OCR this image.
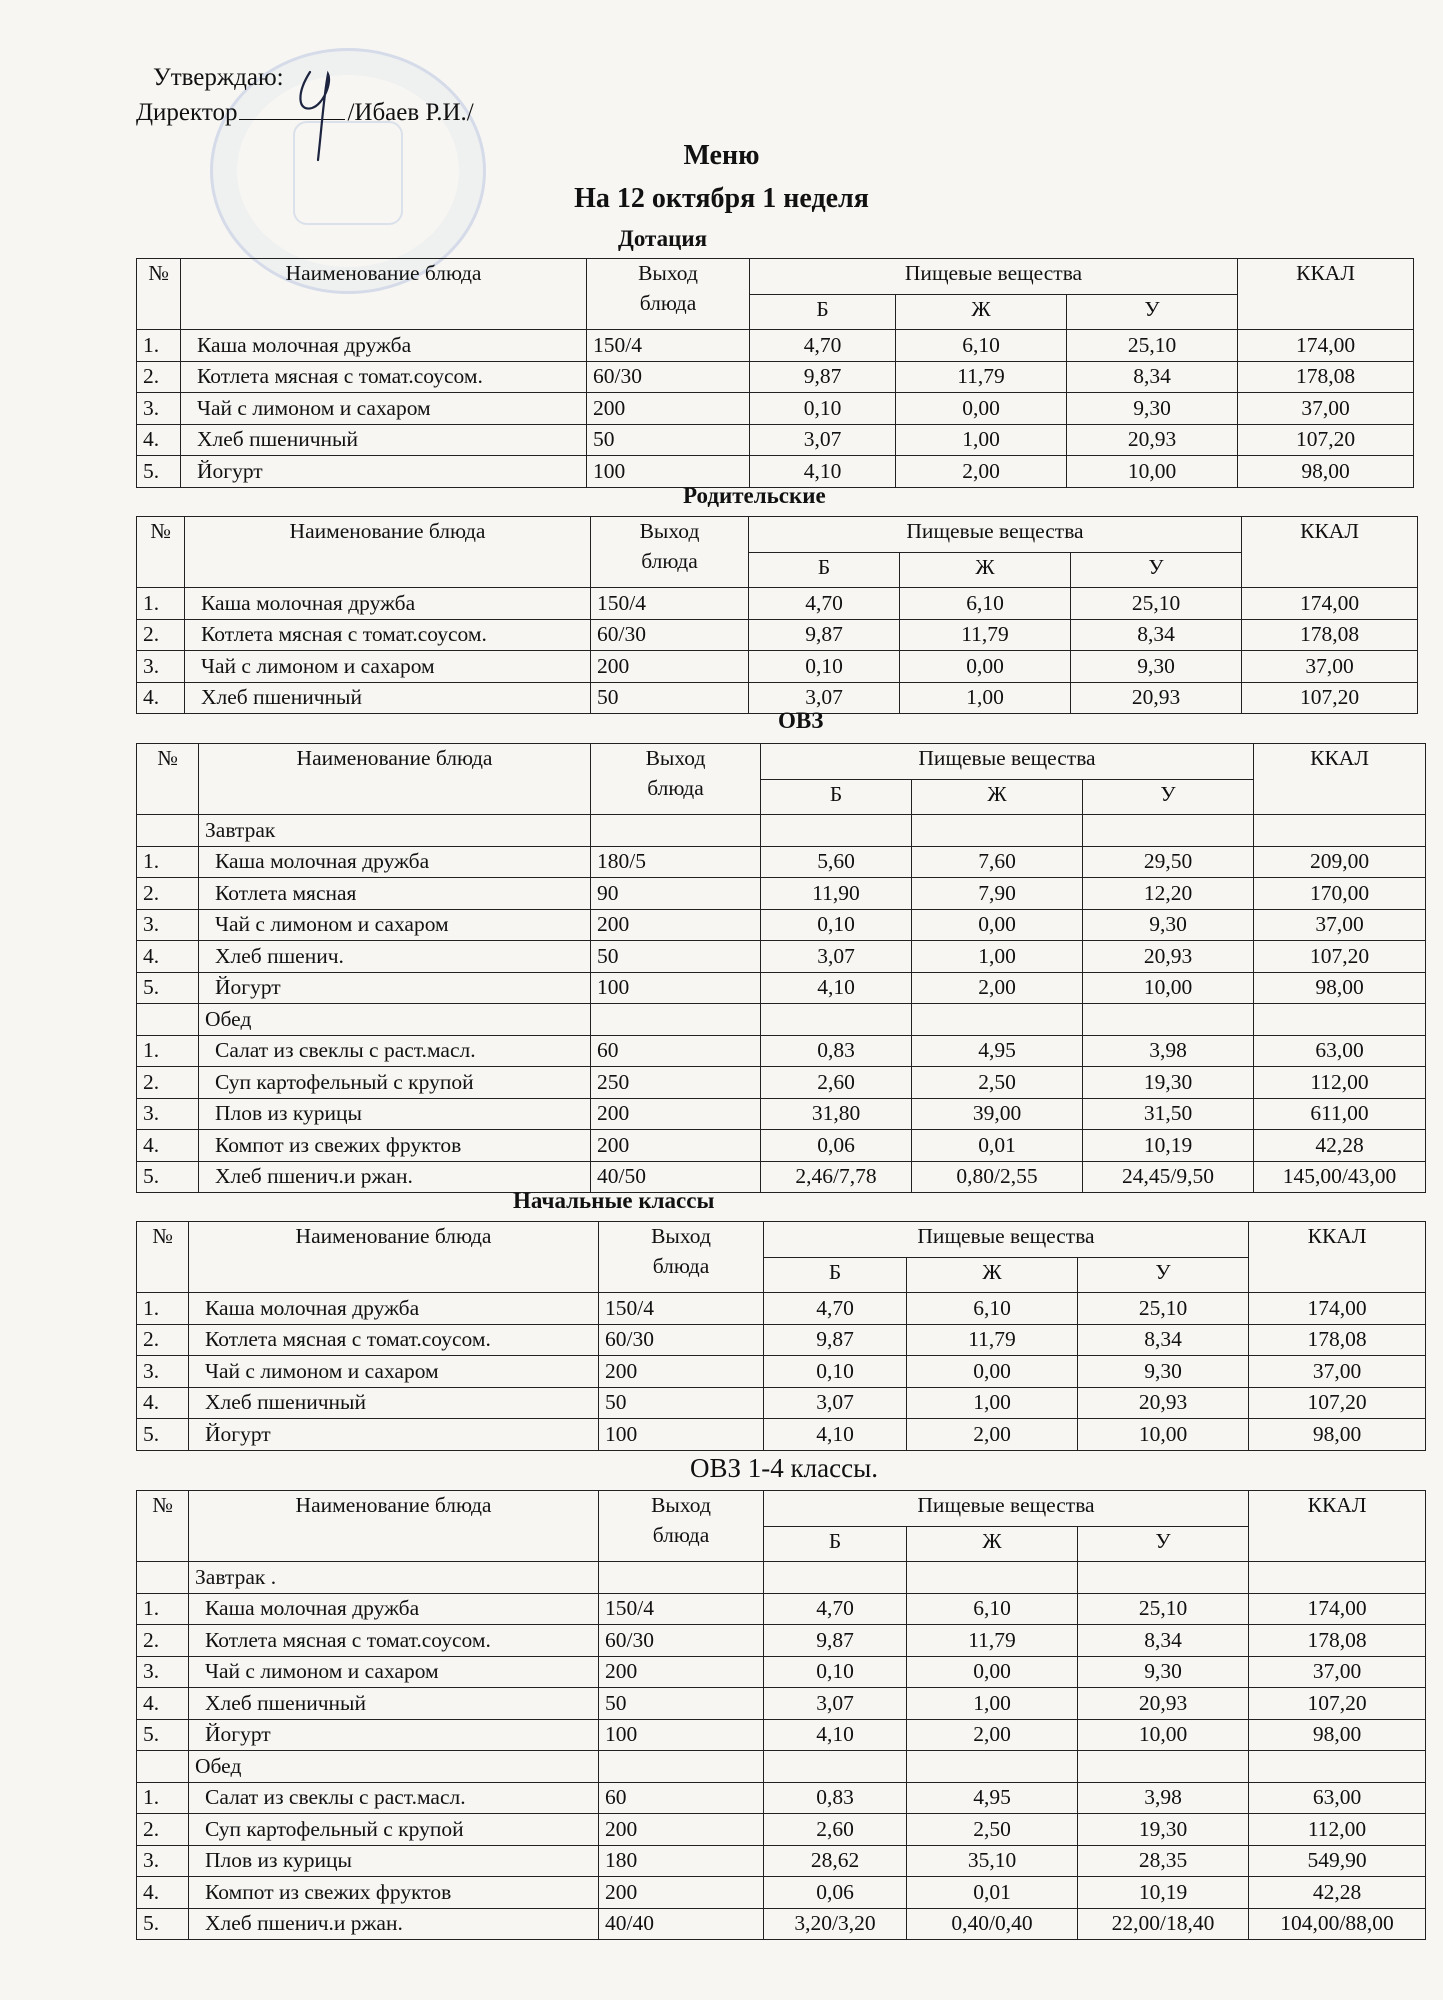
Утверждаю:
Директор	/Ибаев Р.И./
Меню
На 12 октября 1 неделя
Дотация
№	Наименование блюда	Выход
блюда	Пищевые вещества			ККАЛ
			Б	Ж	У	
1.	Каша молочная дружба	150/4	4,70	6,10	25,10	174,00
2.	Котлета мясная с томат.соусом.	60/30	9,87	11,79	8,34	178,08
3.	Чай с лимоном и сахаром	200	0,10	0,00	9,30	37,00
4.	Хлеб пшеничный	50	3,07	1,00	20,93	107,20
5.	Йогурт	100	4,10	2,00	10,00	98,00
Родительские
№	Наименование блюда	Выход
блюда	Пищевые вещества			ККАЛ
			Б	Ж	У	
1.	Каша молочная дружба	150/4	4,70	6,10	25,10	174,00
2.	Котлета мясная с томат.соусом.	60/30	9,87	11,79	8,34	178,08
3.	Чай с лимоном и сахаром	200	0,10	0,00	9,30	37,00
4.	Хлеб пшеничный	50	3,07	1,00	20,93	107,20
ОВЗ
№	Наименование блюда	Выход
блюда	Пищевые вещества			ККАЛ
			Б	Ж	У	
	Завтрак					
1.	Каша молочная дружба	180/5	5,60	7,60	29,50	209,00
2.	Котлета мясная	90	11,90	7,90	12,20	170,00
3.	Чай с лимоном и сахаром	200	0,10	0,00	9,30	37,00
4.	Хлеб пшенич.	50	3,07	1,00	20,93	107,20
5.	Йогурт	100	4,10	2,00	10,00	98,00
	Обед					
1.	Салат из свеклы с раст.масл.	60	0,83	4,95	3,98	63,00
2.	Суп картофельный с крупой	250	2,60	2,50	19,30	112,00
3.	Плов из курицы	200	31,80	39,00	31,50	611,00
4.	Компот из свежих фруктов	200	0,06	0,01	10,19	42,28
5.	Хлеб пшенич.и ржан.	40/50	2,46/7,78	0,80/2,55	24,45/9,50	145,00/43,00
Начальные классы
№	Наименование блюда	Выход
блюда	Пищевые вещества			ККАЛ
			Б	Ж	У	
1.	Каша молочная дружба	150/4	4,70	6,10	25,10	174,00
2.	Котлета мясная с томат.соусом.	60/30	9,87	11,79	8,34	178,08
3.	Чай с лимоном и сахаром	200	0,10	0,00	9,30	37,00
4.	Хлеб пшеничный	50	3,07	1,00	20,93	107,20
5.	Йогурт	100	4,10	2,00	10,00	98,00
ОВЗ 1-4 классы.
№	Наименование блюда	Выход
блюда	Пищевые вещества			ККАЛ
			Б	Ж	У	
	Завтрак .					
1.	Каша молочная дружба	150/4	4,70	6,10	25,10	174,00
2.	Котлета мясная с томат.соусом.	60/30	9,87	11,79	8,34	178,08
3.	Чай с лимоном и сахаром	200	0,10	0,00	9,30	37,00
4.	Хлеб пшеничный	50	3,07	1,00	20,93	107,20
5.	Йогурт	100	4,10	2,00	10,00	98,00
	Обед					
1.	Салат из свеклы с раст.масл.	60	0,83	4,95	3,98	63,00
2.	Суп картофельный с крупой	200	2,60	2,50	19,30	112,00
3.	Плов из курицы	180	28,62	35,10	28,35	549,90
4.	Компот из свежих фруктов	200	0,06	0,01	10,19	42,28
5.	Хлеб пшенич.и ржан.	40/40	3,20/3,20	0,40/0,40	22,00/18,40	104,00/88,00
